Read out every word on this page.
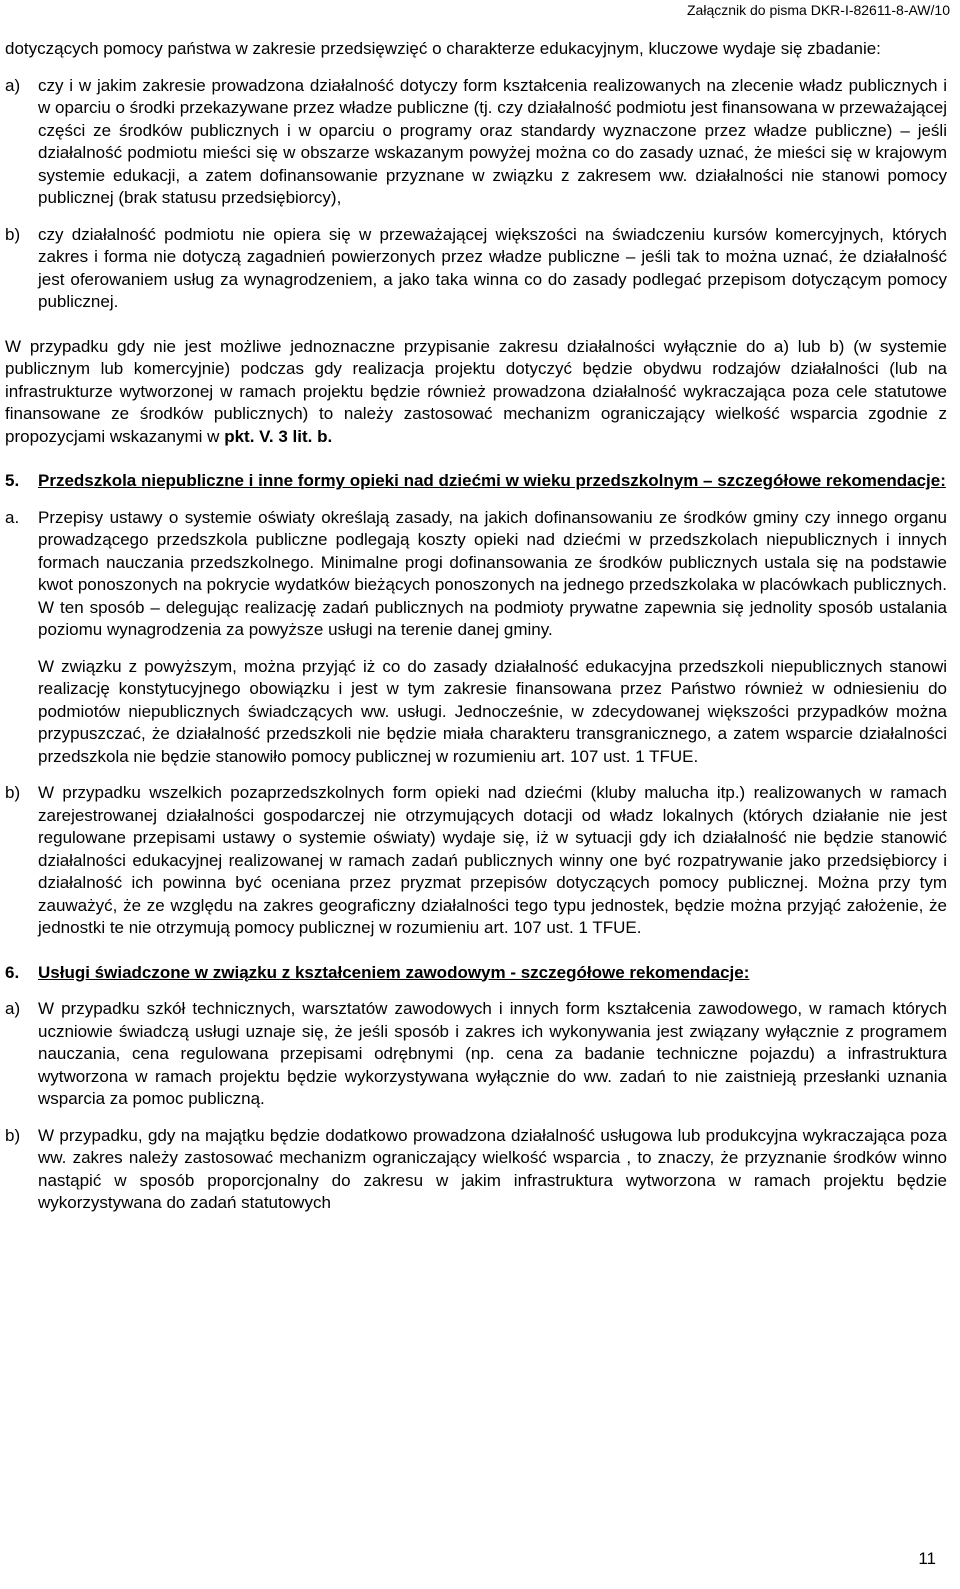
Załącznik do pisma DKR-I-82611-8-AW/10

dotyczących pomocy państwa w zakresie przedsięwzięć o charakterze edukacyjnym, kluczowe wydaje się zbadanie:

a)	czy i w jakim zakresie prowadzona działalność dotyczy form kształcenia realizowanych na zlecenie władz publicznych i w oparciu o środki przekazywane przez władze publiczne (tj. czy działalność podmiotu jest finansowana w przeważającej części ze środków publicznych i w oparciu o programy oraz standardy wyznaczone przez władze publiczne) – jeśli działalność podmiotu mieści się w obszarze wskazanym powyżej można co do zasady uznać, że mieści się w krajowym systemie edukacji, a zatem dofinansowanie przyznane w związku z zakresem ww. działalności nie stanowi pomocy publicznej (brak statusu przedsiębiorcy),
b)	czy działalność podmiotu nie opiera się w przeważającej większości na świadczeniu kursów komercyjnych, których zakres i forma nie dotyczą zagadnień powierzonych przez władze publiczne – jeśli tak to można uznać, że działalność jest oferowaniem usług za wynagrodzeniem, a jako taka winna co do zasady podlegać przepisom dotyczącym pomocy publicznej.

W przypadku gdy nie jest możliwe jednoznaczne przypisanie zakresu działalności wyłącznie do a) lub b) (w systemie publicznym lub komercyjnie) podczas gdy realizacja projektu dotyczyć będzie obydwu rodzajów działalności (lub na infrastrukturze wytworzonej w ramach projektu będzie również prowadzona działalność wykraczająca poza cele statutowe finansowane ze środków publicznych) to należy zastosować mechanizm ograniczający wielkość wsparcia zgodnie z propozycjami wskazanymi w pkt. V. 3 lit. b.

5.	Przedszkola niepubliczne i inne formy opieki nad dziećmi w wieku przedszkolnym – szczegółowe rekomendacje:
a.	Przepisy ustawy o systemie oświaty określają zasady, na jakich dofinansowaniu ze środków gminy czy innego organu prowadzącego przedszkola publiczne podlegają koszty opieki nad dziećmi w przedszkolach niepublicznych i innych formach nauczania przedszkolnego. Minimalne progi dofinansowania ze środków publicznych ustala się na podstawie kwot ponoszonych na pokrycie wydatków bieżących ponoszonych na jednego przedszkolaka w placówkach publicznych. W ten sposób – delegując realizację zadań publicznych na podmioty prywatne zapewnia się jednolity sposób ustalania poziomu wynagrodzenia za powyższe usługi na terenie danej gminy.

W związku z powyższym, można przyjąć iż co do zasady działalność edukacyjna przedszkoli niepublicznych stanowi realizację konstytucyjnego obowiązku i jest w tym zakresie finansowana przez Państwo również w odniesieniu do podmiotów niepublicznych świadczących ww. usługi. Jednocześnie, w zdecydowanej większości przypadków można przypuszczać, że działalność przedszkoli nie będzie miała charakteru transgranicznego, a zatem wsparcie działalności przedszkola nie będzie stanowiło pomocy publicznej w rozumieniu art. 107 ust. 1 TFUE.

b)	W przypadku wszelkich pozaprzedszkolnych form opieki nad dziećmi (kluby malucha itp.) realizowanych w ramach zarejestrowanej działalności gospodarczej nie otrzymujących dotacji od władz lokalnych (których działanie nie jest regulowane przepisami ustawy o systemie oświaty) wydaje się, iż w sytuacji gdy ich działalność nie będzie stanowić działalności edukacyjnej realizowanej w ramach zadań publicznych winny one być rozpatrywanie jako przedsiębiorcy i działalność ich powinna być oceniana przez pryzmat przepisów dotyczących pomocy publicznej. Można przy tym zauważyć, że ze względu na zakres geograficzny działalności tego typu jednostek, będzie można przyjąć założenie, że jednostki te nie otrzymują pomocy publicznej w rozumieniu art. 107 ust. 1 TFUE.

6.	Usługi świadczone w związku z kształceniem zawodowym - szczegółowe rekomendacje:
a)	W przypadku szkół technicznych, warsztatów zawodowych i innych form kształcenia zawodowego, w ramach których uczniowie świadczą usługi uznaje się, że jeśli sposób i zakres ich wykonywania jest związany wyłącznie z programem nauczania, cena regulowana przepisami odrębnymi (np. cena za badanie techniczne pojazdu) a infrastruktura wytworzona w ramach projektu będzie wykorzystywana wyłącznie do ww. zadań to nie zaistnieją przesłanki uznania wsparcia za pomoc publiczną.
b)	W przypadku, gdy na majątku będzie dodatkowo prowadzona działalność usługowa lub produkcyjna wykraczająca poza ww. zakres należy zastosować mechanizm ograniczający wielkość wsparcia , to znaczy, że przyznanie środków winno nastąpić w sposób proporcjonalny do zakresu w jakim infrastruktura wytworzona w ramach projektu będzie wykorzystywana do zadań statutowych
11
